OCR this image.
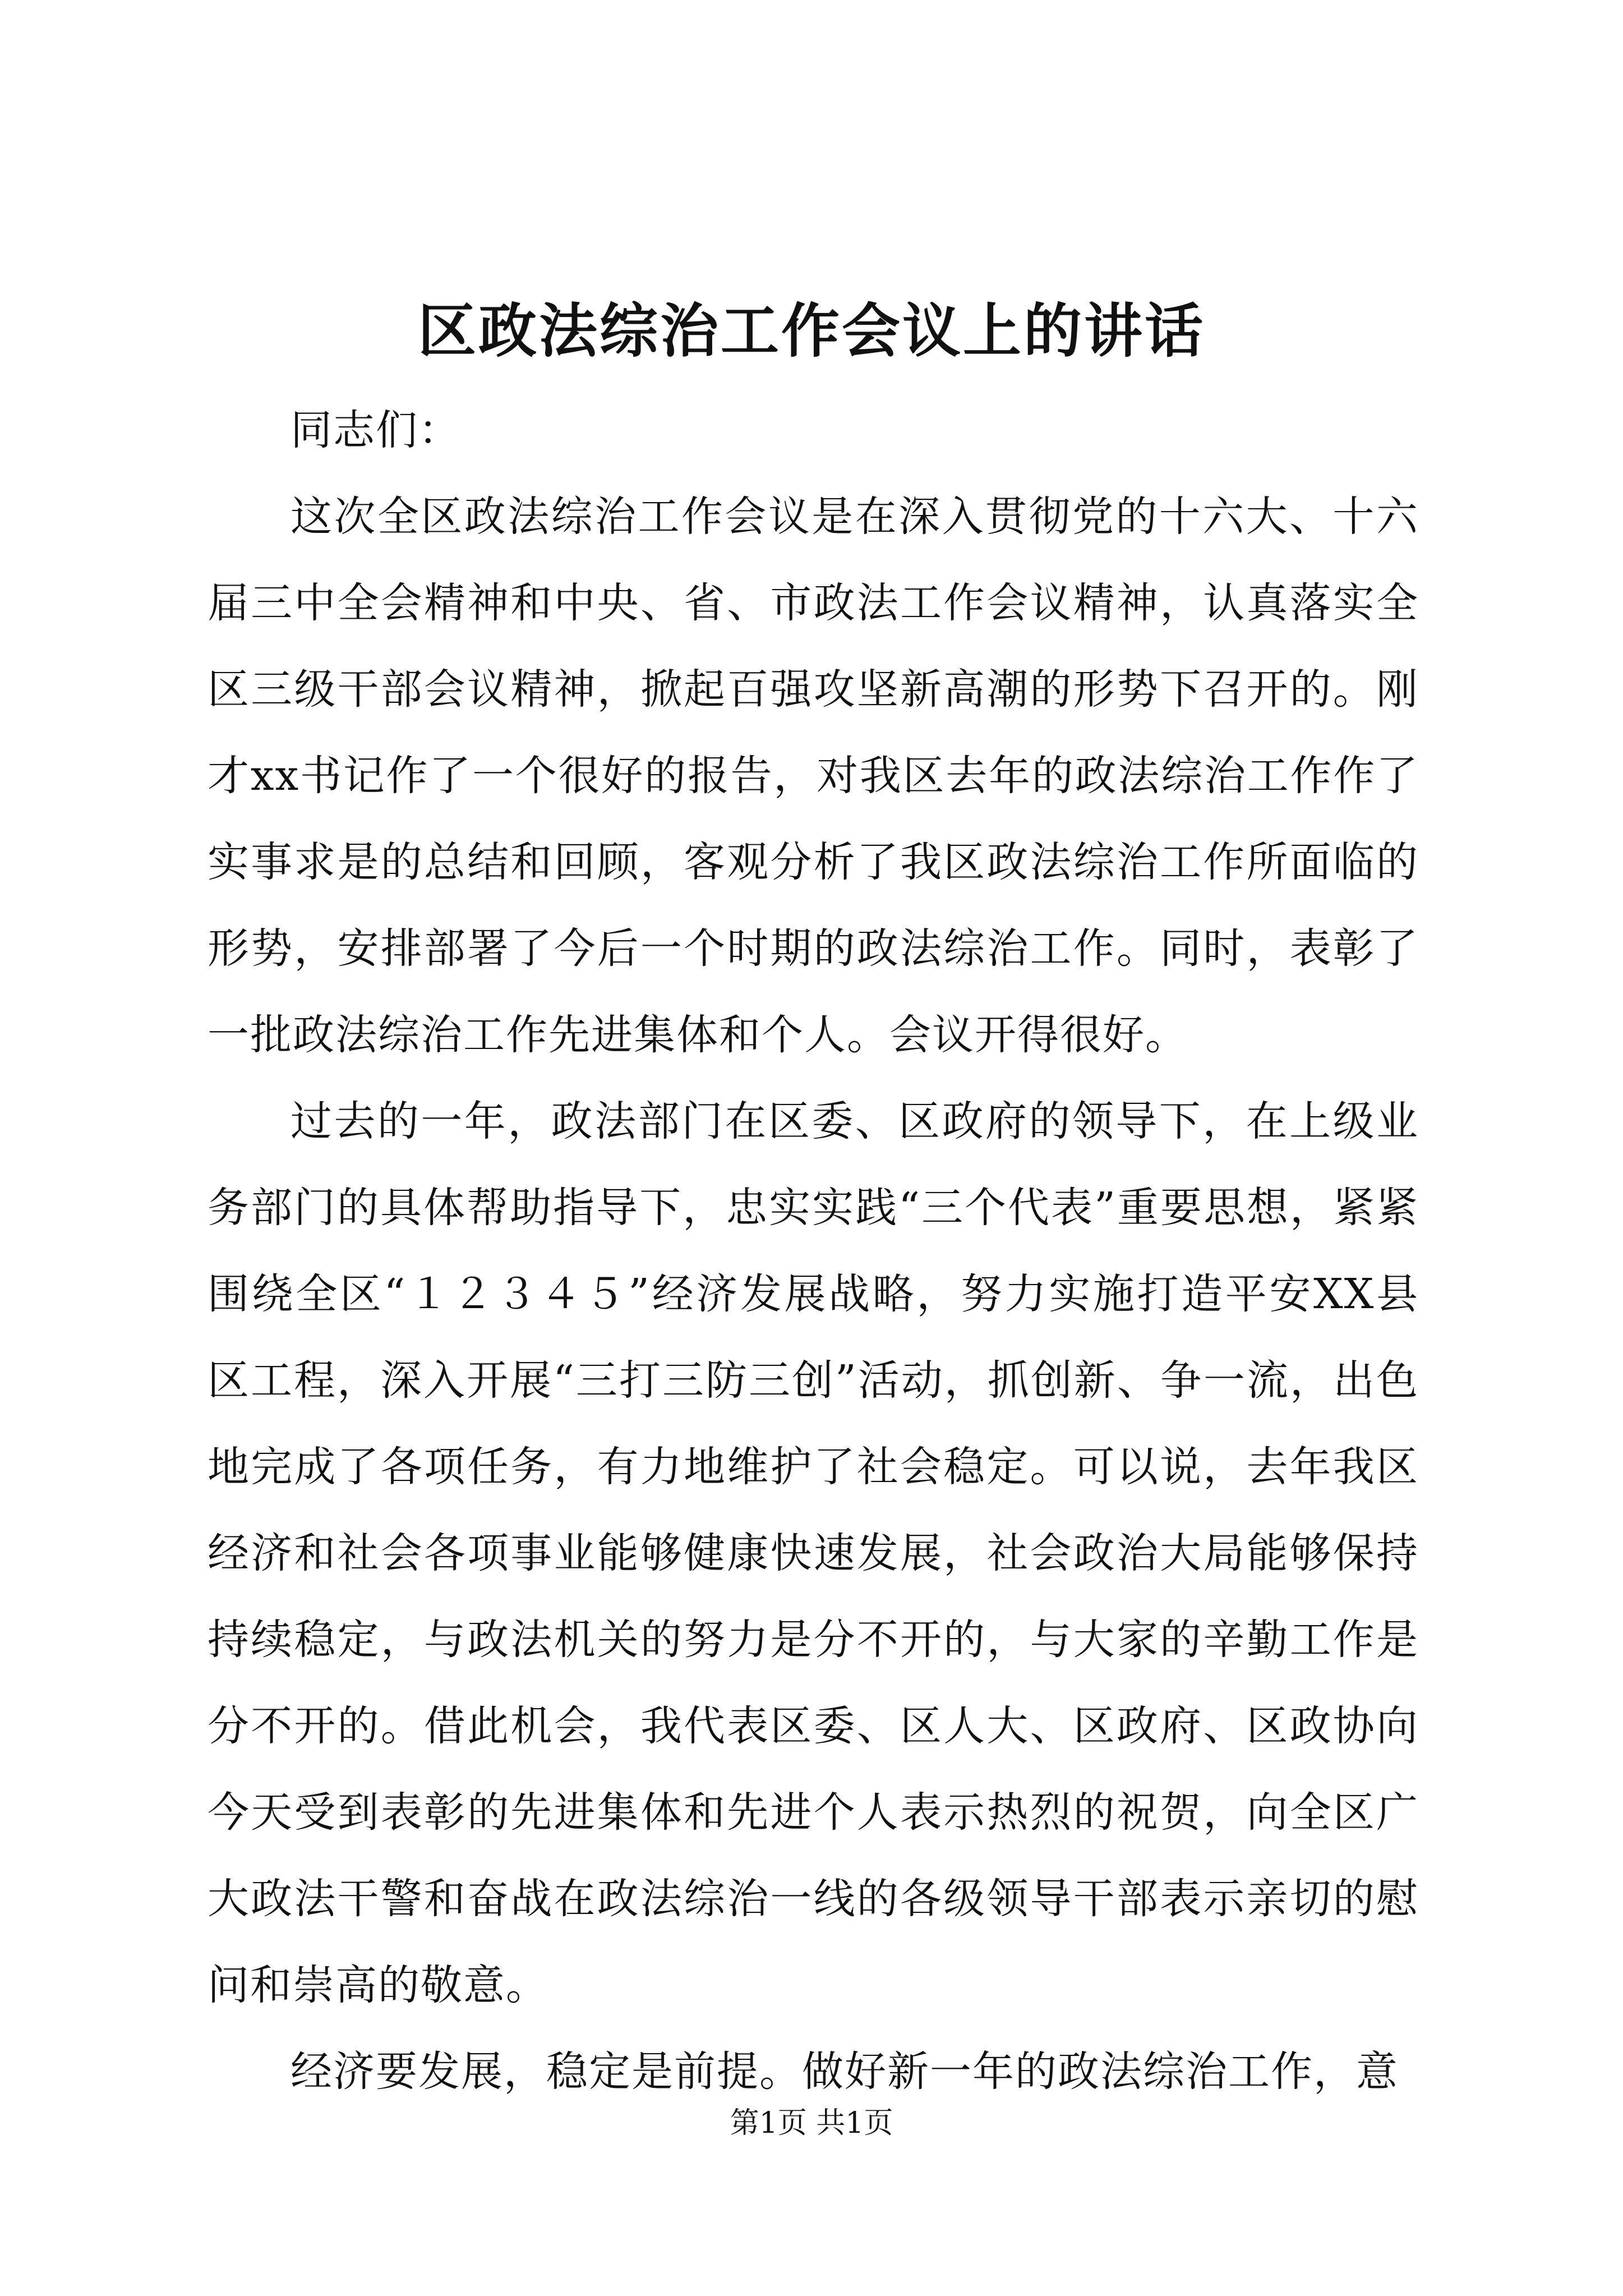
区政法综治工作会议上的讲话

同志们：

这次全区政法综治工作会议是在深入贯彻党的十六大、十六届三中全会精神和中央、省、市政法工作会议精神，认真落实全区三级干部会议精神，掀起百强攻坚新高潮的形势下召开的。刚才xx书记作了一个很好的报告，对我区去年的政法综治工作作了实事求是的总结和回顾，客观分析了我区政法综治工作所面临的形势，安排部署了今后一个时期的政法综治工作。同时，表彰了一批政法综治工作先进集体和个人。会议开得很好。

过去的一年，政法部门在区委、区政府的领导下，在上级业务部门的具体帮助指导下，忠实实践“三个代表”重要思想，紧紧围绕全区“１２３４５”经济发展战略，努力实施打造平安XX县区工程，深入开展“三打三防三创”活动，抓创新、争一流，出色地完成了各项任务，有力地维护了社会稳定。可以说，去年我区经济和社会各项事业能够健康快速发展，社会政治大局能够保持持续稳定，与政法机关的努力是分不开的，与大家的辛勤工作是分不开的。借此机会，我代表区委、区人大、区政府、区政协向今天受到表彰的先进集体和先进个人表示热烈的祝贺，向全区广大政法干警和奋战在政法综治一线的各级领导干部表示亲切的慰问和崇高的敬意。

经济要发展，稳定是前提。做好新一年的政法综治工作，意

第1页 共1页
